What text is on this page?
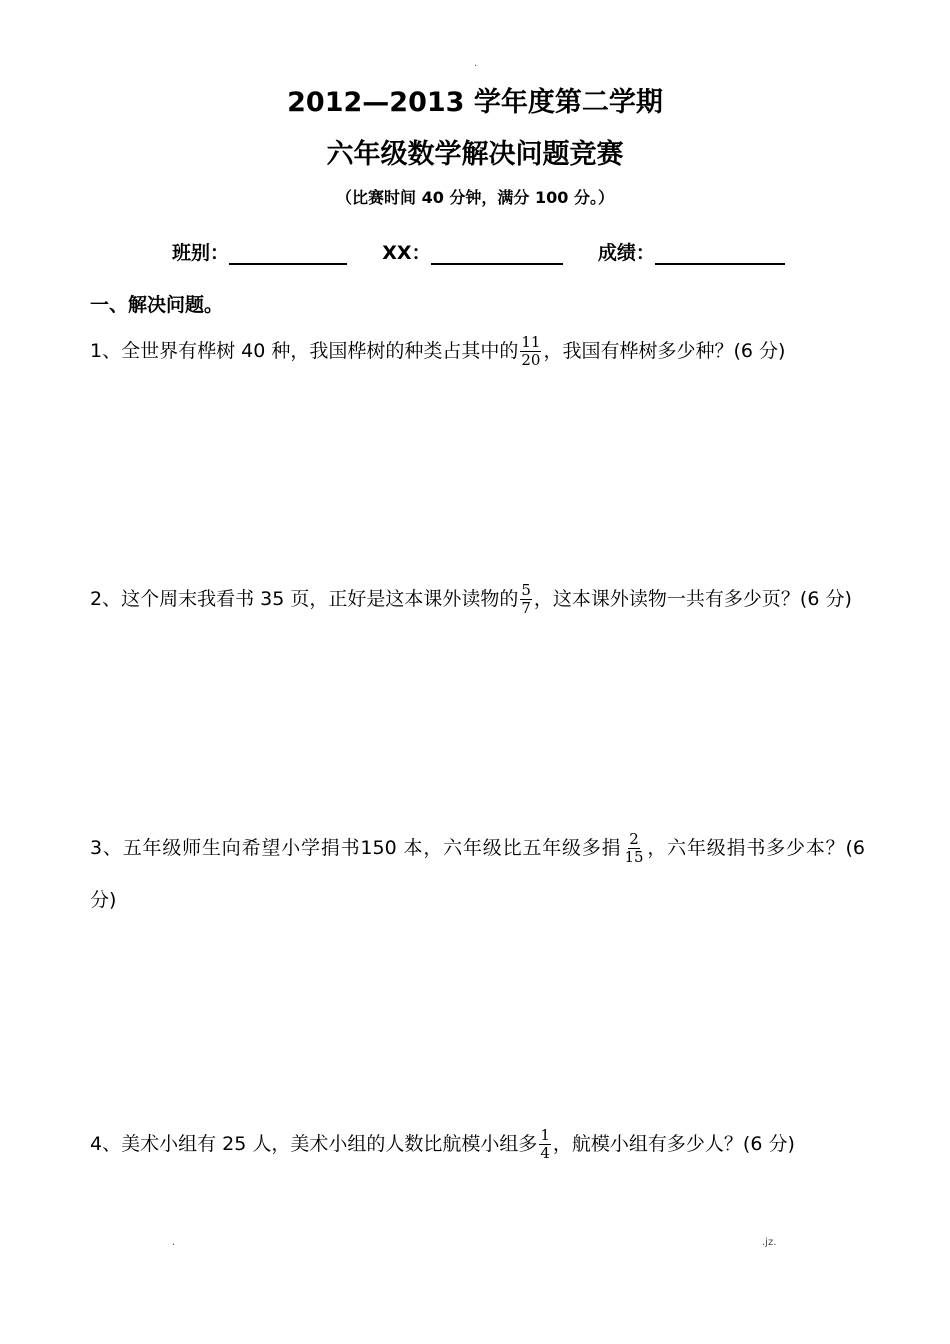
.
2012—2013 学年度第二学期
六年级数学解决问题竞赛
（比赛时间 40 分钟，满分 100 分。）
班别：	XX：	成绩：
一、解决问题。
1、全世界有桦树 40 种，我国桦树的种类占其中的 $\frac{11}{20}$ ，我国有桦树多少种？(6 分)
2、这个周末我看书 35 页，正好是这本课外读物的 $\frac{5}{7}$ ，这本课外读物一共有多少页？(6 分)
3、五年级师生向希望小学捐书150 本，六年级比五年级多捐 $\frac{2}{15}$ ，六年级捐书多少本？(6 分)
4、美术小组有 25 人，美术小组的人数比航模小组多 $\frac{1}{4}$ ，航模小组有多少人？(6 分)
.	.jz.
